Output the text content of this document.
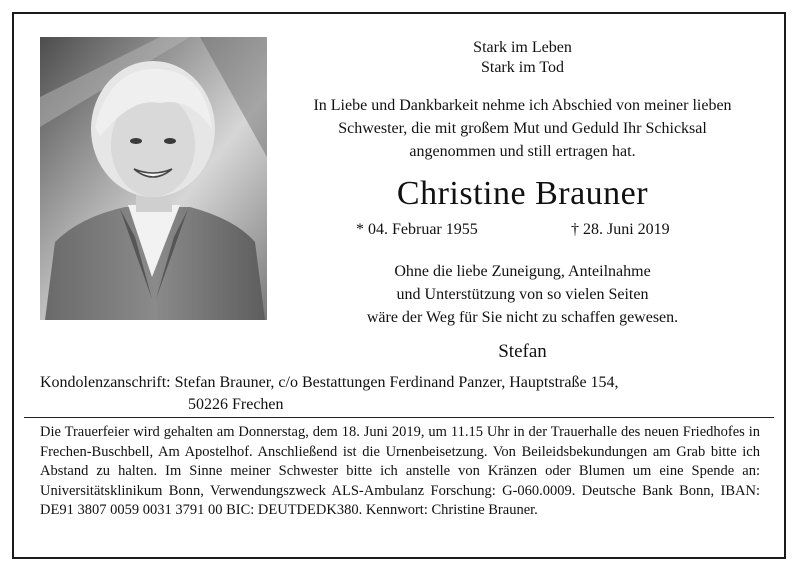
Stark im Leben
Stark im Tod

In Liebe und Dankbarkeit nehme ich Abschied von meiner lieben
Schwester, die mit großem Mut und Geduld Ihr Schicksal
angenommen und still ertragen hat.

Christine Brauner
* 04. Februar 1955	† 28. Juni 2019

Ohne die liebe Zuneigung, Anteilnahme
und Unterstützung von so vielen Seiten
wäre der Weg für Sie nicht zu schaffen gewesen.

Stefan

Kondolenzanschrift: Stefan Brauner, c/o Bestattungen Ferdinand Panzer, Hauptstraße 154,
50226 Frechen

Die Trauerfeier wird gehalten am Donnerstag, dem 18. Juni 2019, um 11.15 Uhr in der Trauerhalle des neuen Friedhofes in Frechen-Buschbell, Am Apostelhof. Anschließend ist die Urnenbeisetzung. Von Beileidsbekundungen am Grab bitte ich Abstand zu halten. Im Sinne meiner Schwester bitte ich anstelle von Kränzen oder Blumen um eine Spende an: Universitätsklinikum Bonn, Verwendungszweck ALS-Ambulanz Forschung: G-060.0009. Deutsche Bank Bonn, IBAN: DE91 3807 0059 0031 3791 00 BIC: DEUTDEDK380. Kennwort: Christine Brauner.
